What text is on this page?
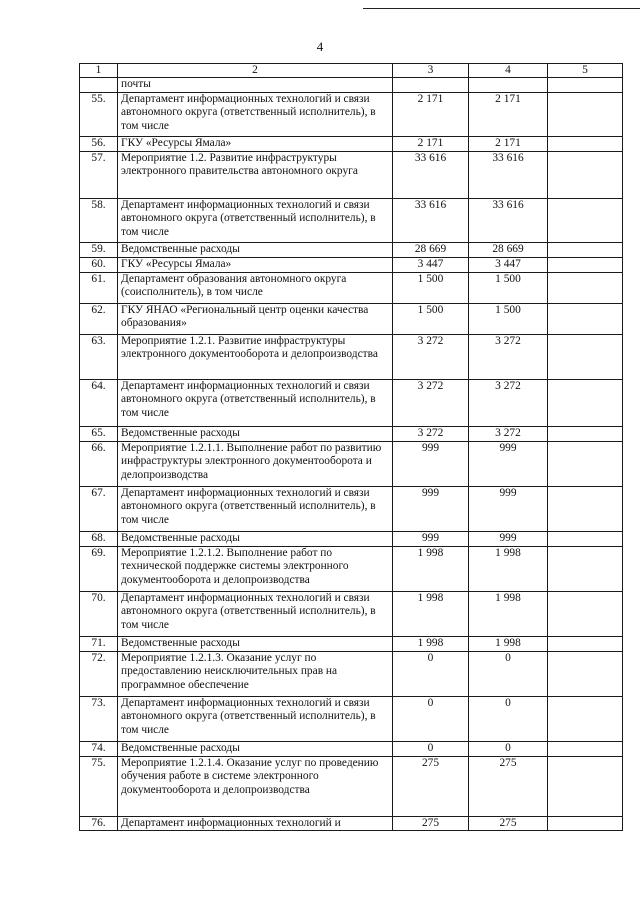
4
1	2	3	4	5
	почты			
55.	Департамент информационных технологий и связи автономного округа (ответственный исполнитель), в том числе	2 171	2 171	
56.	ГКУ «Ресурсы Ямала»	2 171	2 171	
57.	Мероприятие 1.2. Развитие инфраструктуры электронного правительства автономного округа	33 616	33 616	
58.	Департамент информационных технологий и связи автономного округа (ответственный исполнитель), в том числе	33 616	33 616	
59.	Ведомственные расходы	28 669	28 669	
60.	ГКУ «Ресурсы Ямала»	3 447	3 447	
61.	Департамент образования автономного округа (соисполнитель), в том числе	1 500	1 500	
62.	ГКУ ЯНАО «Региональный центр оценки качества образования»	1 500	1 500	
63.	Мероприятие 1.2.1. Развитие инфраструктуры электронного документооборота и делопроизводства	3 272	3 272	
64.	Департамент информационных технологий и связи автономного округа (ответственный исполнитель), в том числе	3 272	3 272	
65.	Ведомственные расходы	3 272	3 272	
66.	Мероприятие 1.2.1.1. Выполнение работ по развитию инфраструктуры электронного документооборота и делопроизводства	999	999	
67.	Департамент информационных технологий и связи автономного округа (ответственный исполнитель), в том числе	999	999	
68.	Ведомственные расходы	999	999	
69.	Мероприятие 1.2.1.2. Выполнение работ по технической поддержке системы электронного документооборота и делопроизводства	1 998	1 998	
70.	Департамент информационных технологий и связи автономного округа (ответственный исполнитель), в том числе	1 998	1 998	
71.	Ведомственные расходы	1 998	1 998	
72.	Мероприятие 1.2.1.3. Оказание услуг по предоставлению неисключительных прав на программное обеспечение	0	0	
73.	Департамент информационных технологий и связи автономного округа (ответственный исполнитель), в том числе	0	0	
74.	Ведомственные расходы	0	0	
75.	Мероприятие 1.2.1.4. Оказание услуг по проведению обучения работе в системе электронного документооборота и делопроизводства	275	275	
76.	Департамент информационных технологий и	275	275	
